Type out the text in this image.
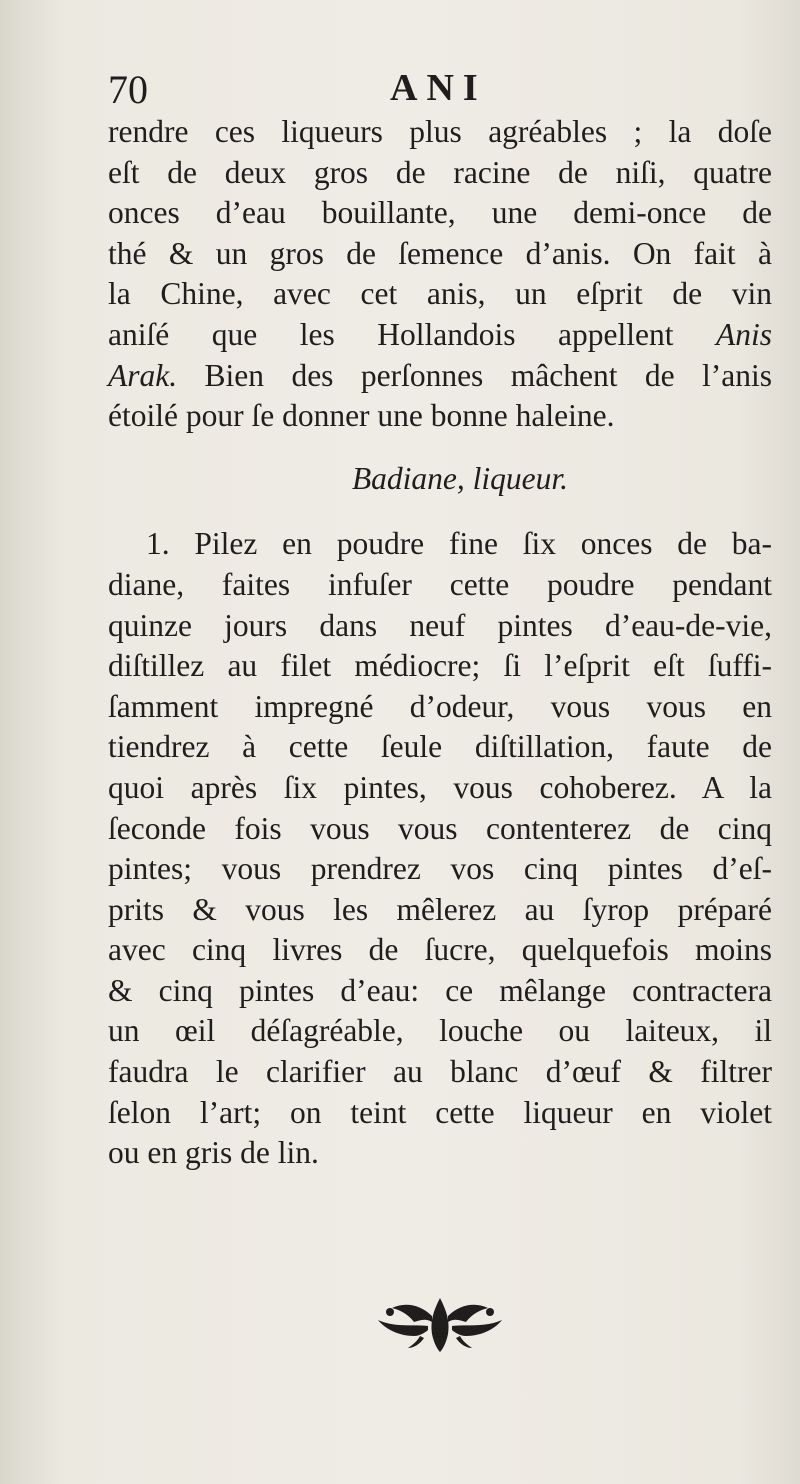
70	ANI
rendre ces liqueurs plus agréables ; la doſe
eſt de deux gros de racine de niſi, quatre
onces d’eau bouillante, une demi-once de
thé & un gros de ſemence d’anis. On fait à
la Chine, avec cet anis, un eſprit de vin
aniſé que les Hollandois appellent Anis
Arak. Bien des perſonnes mâchent de l’anis
étoilé pour ſe donner une bonne haleine.
Badiane, liqueur.
1. Pilez en poudre fine ſix onces de ba-
diane, faites infuſer cette poudre pendant
quinze jours dans neuf pintes d’eau-de-vie,
diſtillez au filet médiocre; ſi l’eſprit eſt ſuffi-
ſamment impregné d’odeur, vous vous en
tiendrez à cette ſeule diſtillation, faute de
quoi après ſix pintes, vous cohoberez. A la
ſeconde fois vous vous contenterez de cinq
pintes; vous prendrez vos cinq pintes d’eſ-
prits & vous les mêlerez au ſyrop préparé
avec cinq livres de ſucre, quelquefois moins
& cinq pintes d’eau: ce mêlange contractera
un œil déſagréable, louche ou laiteux, il
faudra le clarifier au blanc d’œuf & filtrer
ſelon l’art; on teint cette liqueur en violet
ou en gris de lin.
